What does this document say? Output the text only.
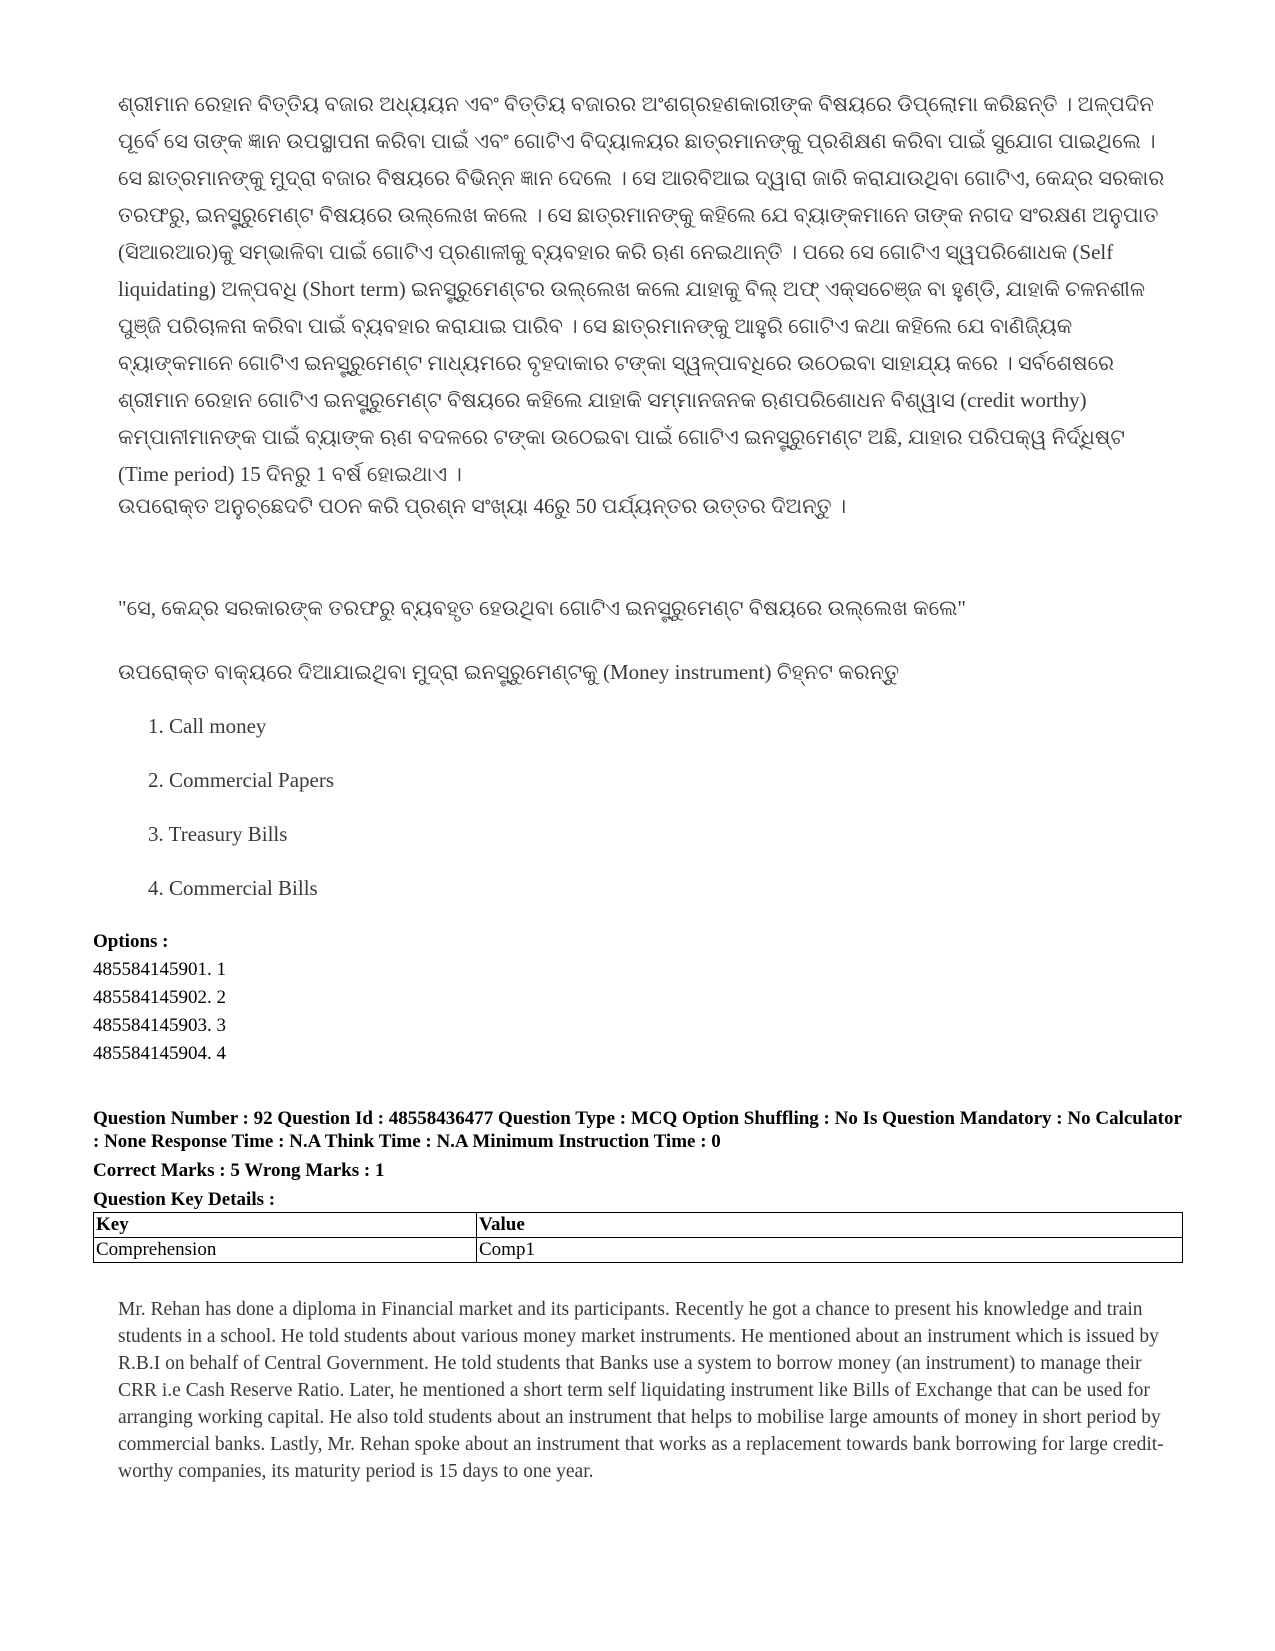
ଶ୍ରୀମାନ ରେହାନ ବିତ୍ତିୟ ବଜାର ଅଧ୍ୟୟନ ଏବଂ ବିତ୍ତିୟ ବଜାରର ଅଂଶଗ୍ରହଣକାରୀଙ୍କ ବିଷୟରେ ଡିପ୍ଲୋମା କରିଛନ୍ତି । ଅଳ୍ପଦିନ ପୂର୍ବେ ସେ ତାଙ୍କ ଜ୍ଞାନ ଉପସ୍ଥାପନା କରିବା ପାଇଁ ଏବଂ ଗୋଟିଏ ବିଦ୍ୟାଳୟର ଛାତ୍ରମାନଙ୍କୁ ପ୍ରଶିକ୍ଷଣ କରିବା ପାଇଁ ସୁଯୋଗ ପାଇଥିଲେ । ସେ ଛାତ୍ରମାନଙ୍କୁ ମୁଦ୍ରା ବଜାର ବିଷୟରେ ବିଭିନ୍ନ ଜ୍ଞାନ ଦେଲେ । ସେ ଆରବିଆଇ ଦ୍ୱାରା ଜାରି କରାଯାଉଥିବା ଗୋଟିଏ, କେନ୍ଦ୍ର ସରକାର ତରଫରୁ, ଇନସ୍ଟ୍ରୁମେଣ୍ଟ ବିଷୟରେ ଉଲ୍ଲେଖ କଲେ । ସେ ଛାତ୍ରମାନଙ୍କୁ କହିଲେ ଯେ ବ୍ୟାଙ୍କମାନେ ତାଙ୍କ ନଗଦ ସଂରକ୍ଷଣ ଅନୁପାତ (ସିଆରଆର)କୁ ସମ୍ଭାଳିବା ପାଇଁ ଗୋଟିଏ ପ୍ରଣାଳୀକୁ ବ୍ୟବହାର କରି ଋଣ ନେଇଥାନ୍ତି । ପରେ ସେ ଗୋଟିଏ ସ୍ୱପରିଶୋଧକ (Self liquidating) ଅଳ୍ପବଧି (Short term) ଇନସ୍ଟ୍ରୁମେଣ୍ଟର ଉଲ୍ଲେଖ କଲେ ଯାହାକୁ ବିଲ୍ ଅଫ୍ ଏକ୍ସଚେଞ୍ଜ ବା ହୁଣ୍ଡି, ଯାହାକି ଚଳନଶୀଳ ପୁଞ୍ଜି ପରିଚାଳନା କରିବା ପାଇଁ ବ୍ୟବହାର କରାଯାଇ ପାରିବ । ସେ ଛାତ୍ରମାନଙ୍କୁ ଆହୁରି ଗୋଟିଏ କଥା କହିଲେ ଯେ ବାଣିଜ୍ୟିକ ବ୍ୟାଙ୍କମାନେ ଗୋଟିଏ ଇନସ୍ଟ୍ରୁମେଣ୍ଟ ମାଧ୍ୟମରେ ବୃହଦାକାର ଟଙ୍କା ସ୍ୱଳ୍ପାବଧିରେ ଉଠେଇବା ସାହାଯ୍ୟ କରେ । ସର୍ବଶେଷରେ ଶ୍ରୀମାନ ରେହାନ ଗୋଟିଏ ଇନସ୍ଟ୍ରୁମେଣ୍ଟ ବିଷୟରେ କହିଲେ ଯାହାକି ସମ୍ମାନଜନକ ଋଣପରିଶୋଧନ ବିଶ୍ୱାସ (credit worthy) କମ୍ପାନୀମାନଙ୍କ ପାଇଁ ବ୍ୟାଙ୍କ ଋଣ ବଦଳରେ ଟଙ୍କା ଉଠେଇବା ପାଇଁ ଗୋଟିଏ ଇନସ୍ଟ୍ରୁମେଣ୍ଟ ଅଛି, ଯାହାର ପରିପକ୍ୱ ନିର୍ଦ୍ଧିଷ୍ଟ (Time period) 15 ଦିନରୁ 1 ବର୍ଷ ହୋଇଥାଏ ।

ଉପରୋକ୍ତ ଅନୁଚ୍ଛେଦଟି ପଠନ କରି ପ୍ରଶ୍ନ ସଂଖ୍ୟା 46ରୁ 50 ପର୍ଯ୍ୟନ୍ତର ଉତ୍ତର ଦିଅନ୍ତୁ ।
"ସେ, କେନ୍ଦ୍ର ସରକାରଙ୍କ ତରଫରୁ ବ୍ୟବହୃତ ହେଉଥିବା ଗୋଟିଏ ଇନସ୍ଟ୍ରୁମେଣ୍ଟ ବିଷୟରେ ଉଲ୍ଲେଖ କଲେ"
ଉପରୋକ୍ତ ବାକ୍ୟରେ ଦିଆଯାଇଥିବା ମୁଦ୍ରା ଇନସ୍ଟ୍ରୁମେଣ୍ଟକୁ (Money instrument) ଚିହ୍ନଟ କରନ୍ତୁ
1. Call money
2. Commercial Papers
3. Treasury Bills
4. Commercial Bills
Options :
485584145901. 1
485584145902. 2
485584145903. 3
485584145904. 4
Question Number : 92 Question Id : 48558436477 Question Type : MCQ Option Shuffling : No Is Question Mandatory : No Calculator : None Response Time : N.A Think Time : N.A Minimum Instruction Time : 0
Correct Marks : 5 Wrong Marks : 1
Question Key Details :
Key	Value
Comprehension	Comp1
Mr. Rehan has done a diploma in Financial market and its participants. Recently he got a chance to present his knowledge and train students in a school. He told students about various money market instruments. He mentioned about an instrument which is issued by R.B.I on behalf of Central Government. He told students that Banks use a system to borrow money (an instrument) to manage their CRR i.e Cash Reserve Ratio. Later, he mentioned a short term self liquidating instrument like Bills of Exchange that can be used for arranging working capital. He also told students about an instrument that helps to mobilise large amounts of money in short period by commercial banks. Lastly, Mr. Rehan spoke about an instrument that works as a replacement towards bank borrowing for large credit-worthy companies, its maturity period is 15 days to one year.
